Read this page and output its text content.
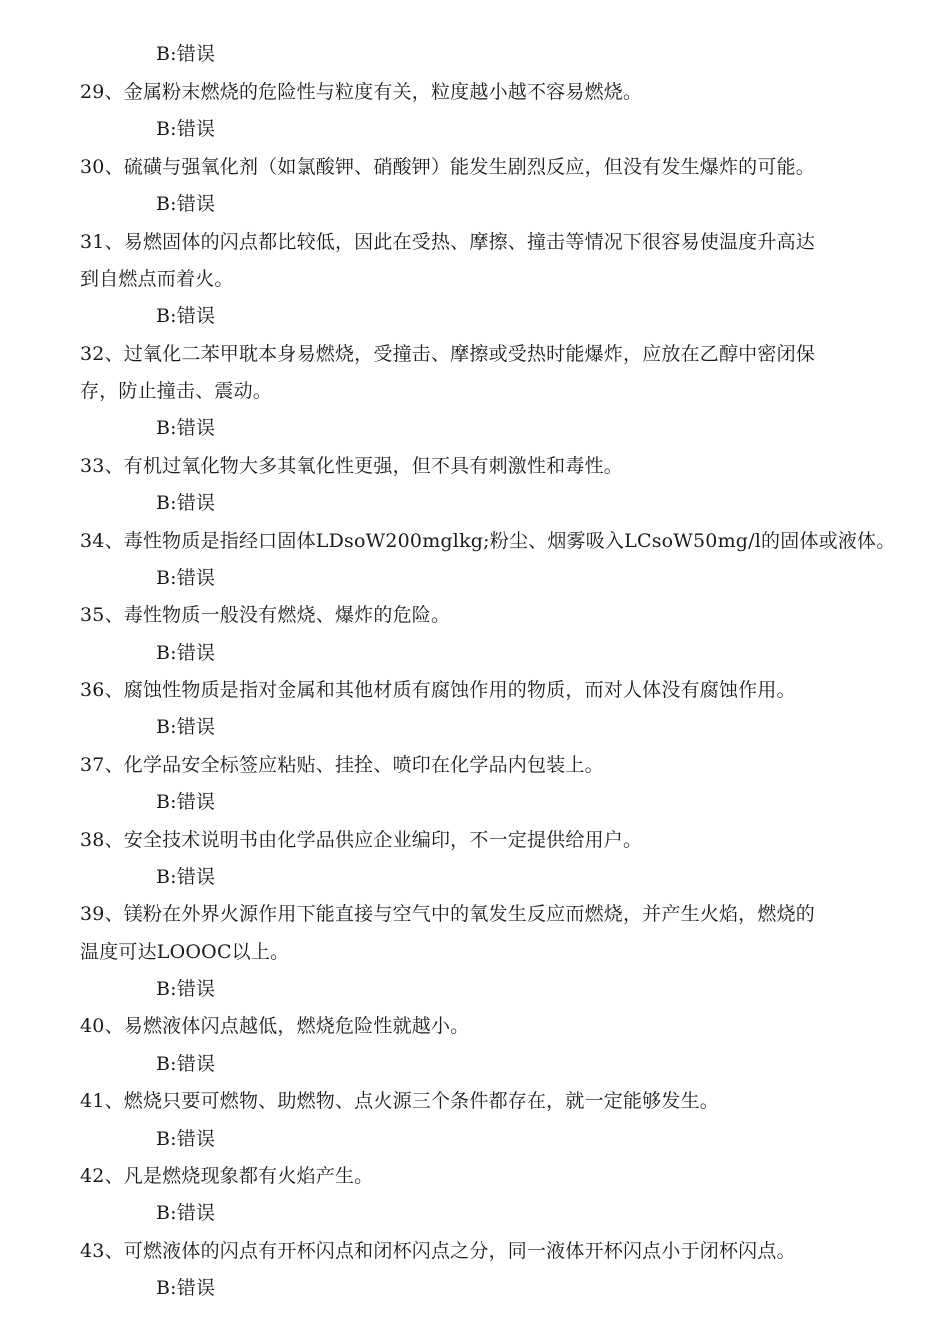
B:错误
29、金属粉末燃烧的危险性与粒度有关，粒度越小越不容易燃烧。
B:错误
30、硫磺与强氧化剂（如氯酸钾、硝酸钾）能发生剧烈反应，但没有发生爆炸的可能。
B:错误
31、易燃固体的闪点都比较低，因此在受热、摩擦、撞击等情况下很容易使温度升高达
到自燃点而着火。
B:错误
32、过氧化二苯甲耽本身易燃烧，受撞击、摩擦或受热时能爆炸，应放在乙醇中密闭保
存，防止撞击、震动。
B:错误
33、有机过氧化物大多其氧化性更强，但不具有刺激性和毒性。
B:错误
34、毒性物质是指经口固体LDsoW200mglkg;粉尘、烟雾吸入LCsoW50mg/l的固体或液体。
B:错误
35、毒性物质一般没有燃烧、爆炸的危险。
B:错误
36、腐蚀性物质是指对金属和其他材质有腐蚀作用的物质，而对人体没有腐蚀作用。
B:错误
37、化学品安全标签应粘贴、挂拴、喷印在化学品内包装上。
B:错误
38、安全技术说明书由化学品供应企业编印，不一定提供给用户。
B:错误
39、镁粉在外界火源作用下能直接与空气中的氧发生反应而燃烧，并产生火焰，燃烧的
温度可达LOOOC以上。
B:错误
40、易燃液体闪点越低，燃烧危险性就越小。
B:错误
41、燃烧只要可燃物、助燃物、点火源三个条件都存在，就一定能够发生。
B:错误
42、凡是燃烧现象都有火焰产生。
B:错误
43、可燃液体的闪点有开杯闪点和闭杯闪点之分，同一液体开杯闪点小于闭杯闪点。
B:错误
